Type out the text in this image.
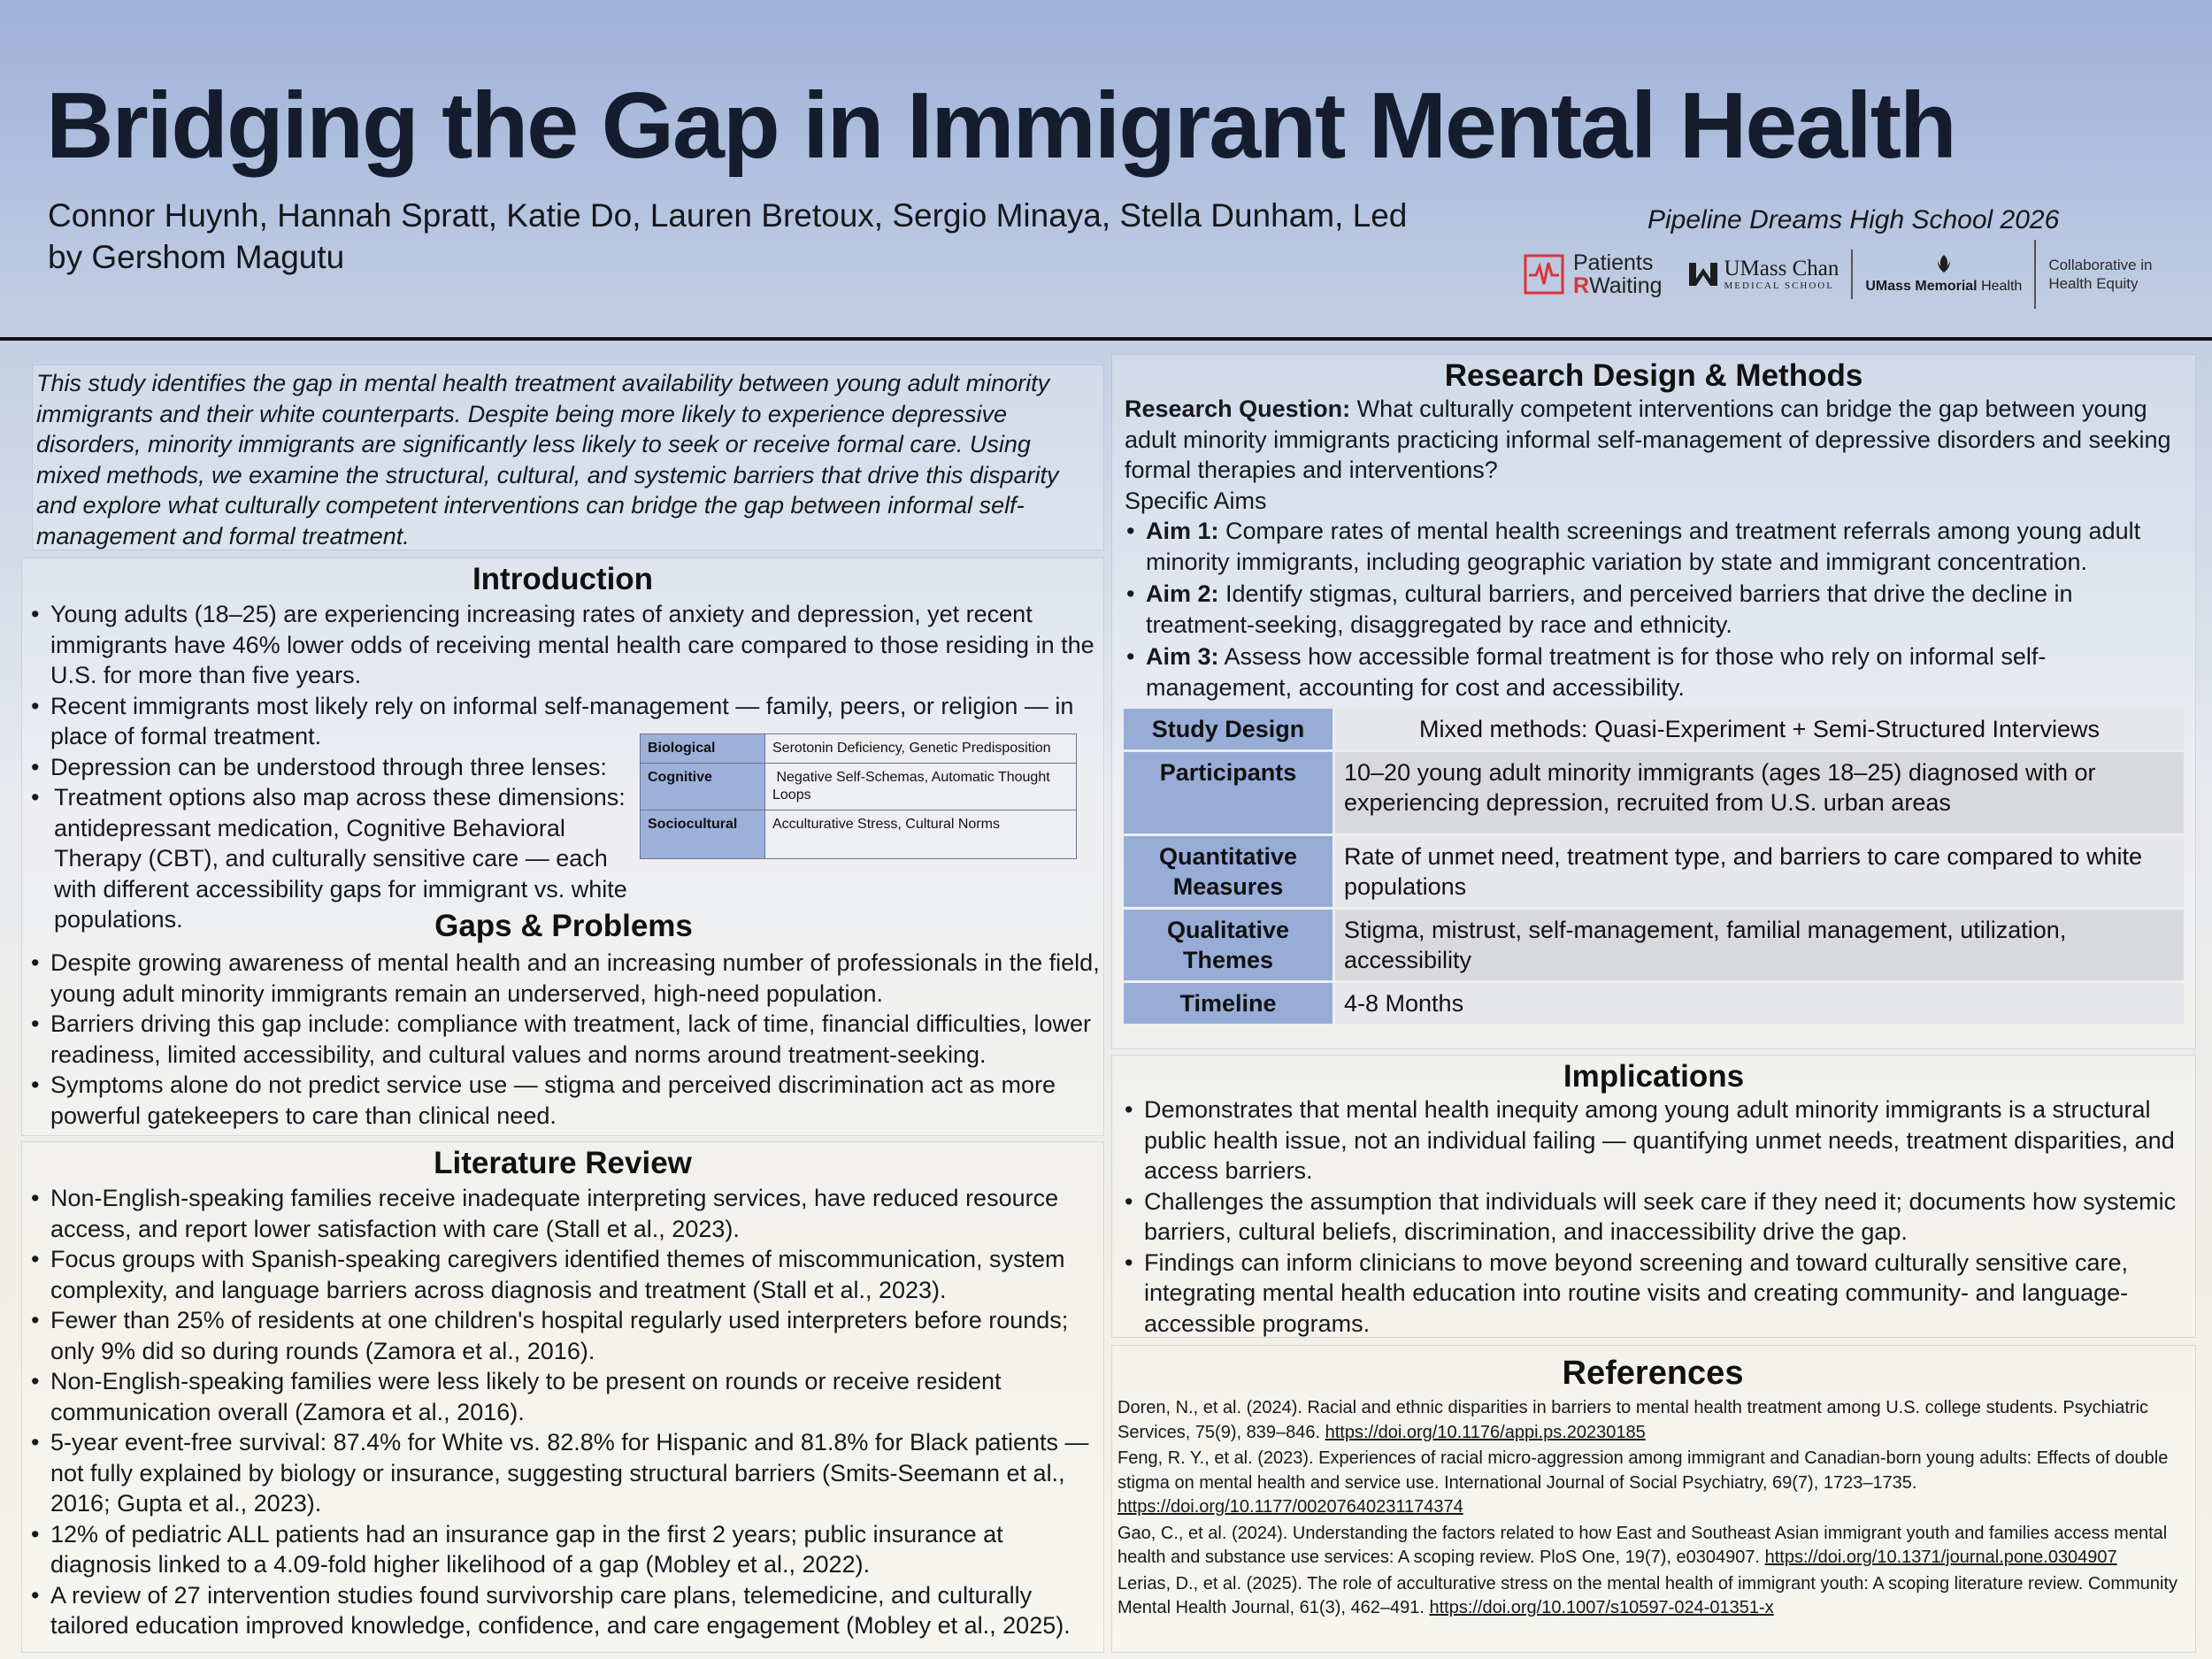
Bridging the Gap in Immigrant Mental Health
Connor Huynh, Hannah Spratt, Katie Do, Lauren Bretoux, Sergio Minaya, Stella Dunham, Led by Gershom Magutu
Pipeline Dreams High School 2026
Patients
RWaiting
UMass Chan
MEDICAL SCHOOL	UMass Memorial Health
Collaborative in
Health Equity
This study identifies the gap in mental health treatment availability between young adult minority immigrants and their white counterparts. Despite being more likely to experience depressive disorders, minority immigrants are significantly less likely to seek or receive formal care. Using mixed methods, we examine the structural, cultural, and systemic barriers that drive this disparity and explore what culturally competent interventions can bridge the gap between informal self-management and formal treatment.
Introduction
• Young adults (18–25) are experiencing increasing rates of anxiety and depression, yet recent immigrants have 46% lower odds of receiving mental health care compared to those residing in the U.S. for more than five years.
• Recent immigrants most likely rely on informal self-management — family, peers, or religion — in place of formal treatment.
• Depression can be understood through three lenses:
• Treatment options also map across these dimensions: antidepressant medication, Cognitive Behavioral Therapy (CBT), and culturally sensitive care — each with different accessibility gaps for immigrant vs. white populations.
Biological	Serotonin Deficiency, Genetic Predisposition
Cognitive	Negative Self-Schemas, Automatic Thought Loops
Sociocultural	Acculturative Stress, Cultural Norms
Gaps & Problems
• Despite growing awareness of mental health and an increasing number of professionals in the field, young adult minority immigrants remain an underserved, high-need population.
• Barriers driving this gap include: compliance with treatment, lack of time, financial difficulties, lower readiness, limited accessibility, and cultural values and norms around treatment-seeking.
• Symptoms alone do not predict service use — stigma and perceived discrimination act as more powerful gatekeepers to care than clinical need.
Literature Review
• Non-English-speaking families receive inadequate interpreting services, have reduced resource access, and report lower satisfaction with care (Stall et al., 2023).
• Focus groups with Spanish-speaking caregivers identified themes of miscommunication, system complexity, and language barriers across diagnosis and treatment (Stall et al., 2023).
• Fewer than 25% of residents at one children's hospital regularly used interpreters before rounds; only 9% did so during rounds (Zamora et al., 2016).
• Non-English-speaking families were less likely to be present on rounds or receive resident communication overall (Zamora et al., 2016).
• 5-year event-free survival: 87.4% for White vs. 82.8% for Hispanic and 81.8% for Black patients — not fully explained by biology or insurance, suggesting structural barriers (Smits-Seemann et al., 2016; Gupta et al., 2023).
• 12% of pediatric ALL patients had an insurance gap in the first 2 years; public insurance at diagnosis linked to a 4.09-fold higher likelihood of a gap (Mobley et al., 2022).
• A review of 27 intervention studies found survivorship care plans, telemedicine, and culturally tailored education improved knowledge, confidence, and care engagement (Mobley et al., 2025).
Research Design & Methods
Research Question: What culturally competent interventions can bridge the gap between young adult minority immigrants practicing informal self-management of depressive disorders and seeking formal therapies and interventions?
Specific Aims
• Aim 1: Compare rates of mental health screenings and treatment referrals among young adult minority immigrants, including geographic variation by state and immigrant concentration.
• Aim 2: Identify stigmas, cultural barriers, and perceived barriers that drive the decline in treatment-seeking, disaggregated by race and ethnicity.
• Aim 3: Assess how accessible formal treatment is for those who rely on informal self-management, accounting for cost and accessibility.
Study Design	Mixed methods: Quasi-Experiment + Semi-Structured Interviews
Participants	10–20 young adult minority immigrants (ages 18–25) diagnosed with or experiencing depression, recruited from U.S. urban areas
Quantitative Measures	Rate of unmet need, treatment type, and barriers to care compared to white populations
Qualitative Themes	Stigma, mistrust, self-management, familial management, utilization, accessibility
Timeline	4-8 Months
Implications
• Demonstrates that mental health inequity among young adult minority immigrants is a structural public health issue, not an individual failing — quantifying unmet needs, treatment disparities, and access barriers.
• Challenges the assumption that individuals will seek care if they need it; documents how systemic barriers, cultural beliefs, discrimination, and inaccessibility drive the gap.
• Findings can inform clinicians to move beyond screening and toward culturally sensitive care, integrating mental health education into routine visits and creating community- and language-accessible programs.
References
Doren, N., et al. (2024). Racial and ethnic disparities in barriers to mental health treatment among U.S. college students. Psychiatric Services, 75(9), 839–846. https://doi.org/10.1176/appi.ps.20230185
Feng, R. Y., et al. (2023). Experiences of racial micro-aggression among immigrant and Canadian-born young adults: Effects of double stigma on mental health and service use. International Journal of Social Psychiatry, 69(7), 1723–1735. https://doi.org/10.1177/00207640231174374
Gao, C., et al. (2024). Understanding the factors related to how East and Southeast Asian immigrant youth and families access mental health and substance use services: A scoping review. PloS One, 19(7), e0304907. https://doi.org/10.1371/journal.pone.0304907
Lerias, D., et al. (2025). The role of acculturative stress on the mental health of immigrant youth: A scoping literature review. Community Mental Health Journal, 61(3), 462–491. https://doi.org/10.1007/s10597-024-01351-x
